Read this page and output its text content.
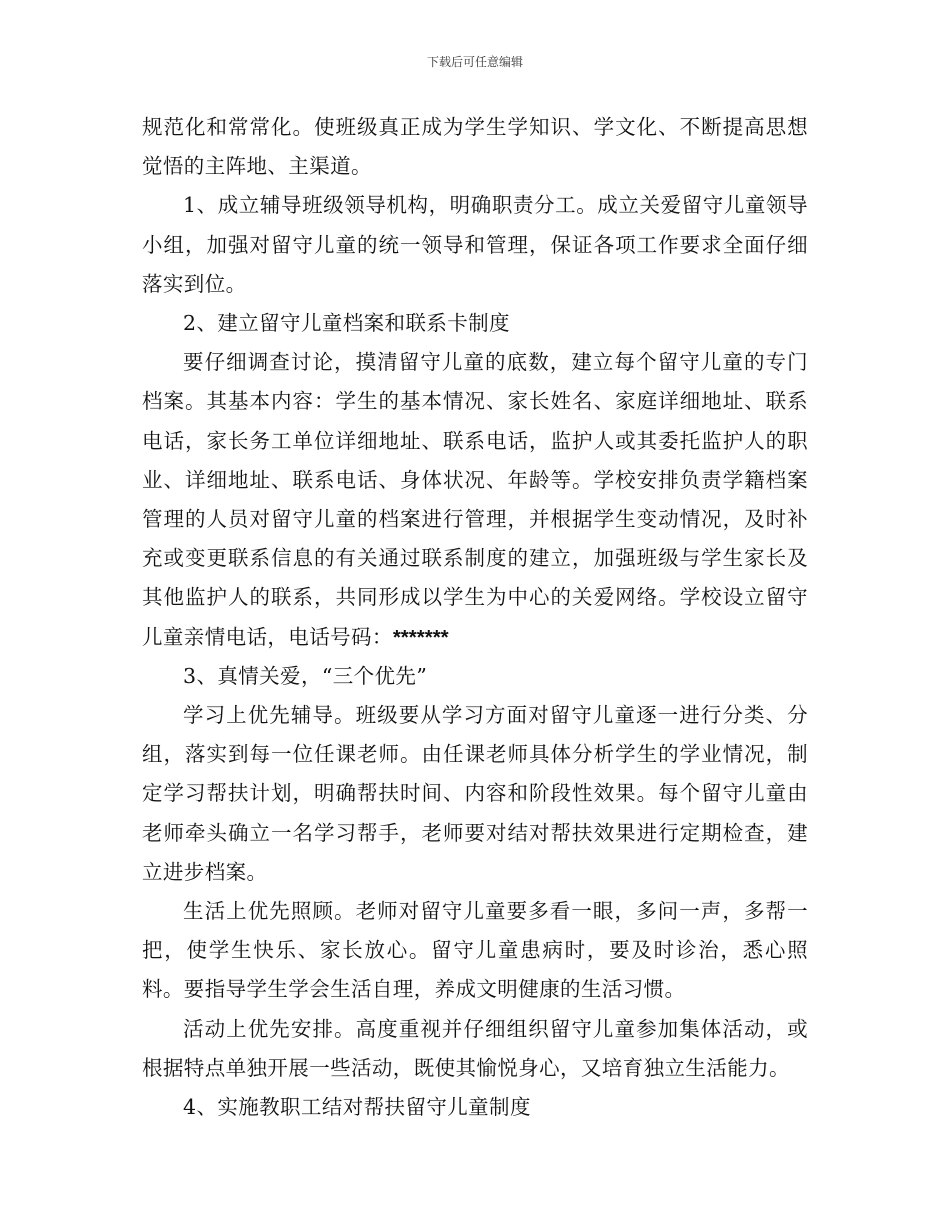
下载后可任意编辑

规范化和常常化。使班级真正成为学生学知识、学文化、不断提高思想觉悟的主阵地、主渠道。

1、成立辅导班级领导机构，明确职责分工。成立关爱留守儿童领导小组，加强对留守儿童的统一领导和管理，保证各项工作要求全面仔细落实到位。

2、建立留守儿童档案和联系卡制度

要仔细调查讨论，摸清留守儿童的底数，建立每个留守儿童的专门档案。其基本内容：学生的基本情况、家长姓名、家庭详细地址、联系电话，家长务工单位详细地址、联系电话，监护人或其委托监护人的职业、详细地址、联系电话、身体状况、年龄等。学校安排负责学籍档案管理的人员对留守儿童的档案进行管理，并根据学生变动情况，及时补充或变更联系信息的有关通过联系制度的建立，加强班级与学生家长及其他监护人的联系，共同形成以学生为中心的关爱网络。学校设立留守儿童亲情电话，电话号码：*******

3、真情关爱，“三个优先”

学习上优先辅导。班级要从学习方面对留守儿童逐一进行分类、分组，落实到每一位任课老师。由任课老师具体分析学生的学业情况，制定学习帮扶计划，明确帮扶时间、内容和阶段性效果。每个留守儿童由老师牵头确立一名学习帮手，老师要对结对帮扶效果进行定期检查，建立进步档案。

生活上优先照顾。老师对留守儿童要多看一眼，多问一声，多帮一把，使学生快乐、家长放心。留守儿童患病时，要及时诊治，悉心照料。要指导学生学会生活自理，养成文明健康的生活习惯。

活动上优先安排。高度重视并仔细组织留守儿童参加集体活动，或根据特点单独开展一些活动，既使其愉悦身心，又培育独立生活能力。

4、实施教职工结对帮扶留守儿童制度
